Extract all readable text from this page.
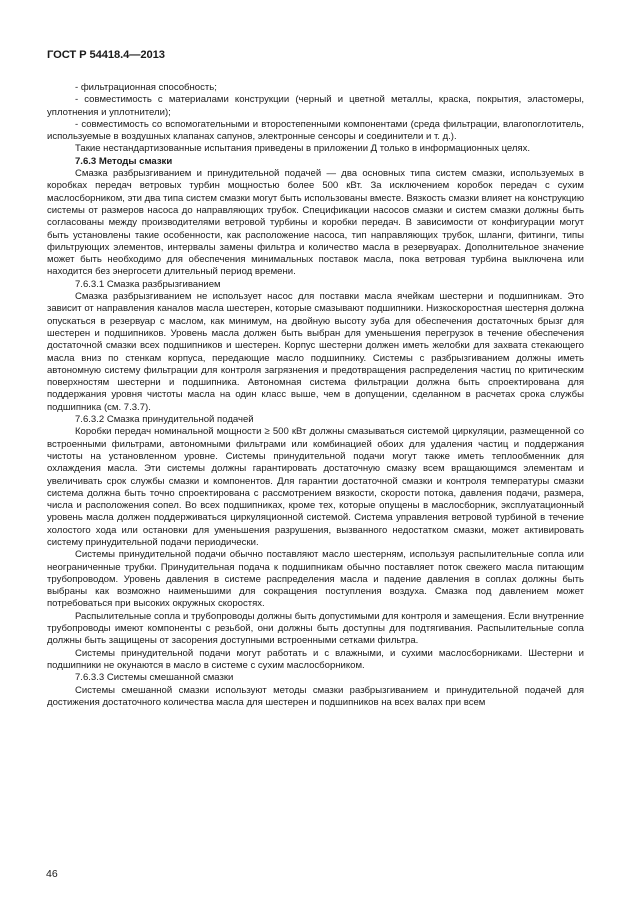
ГОСТ Р 54418.4—2013

- фильтрационная способность;

- совместимость с материалами конструкции (черный и цветной металлы, краска, покрытия, эластомеры, уплотнения и уплотнители);

- совместимость со вспомогательными и второстепенными компонентами (среда фильтрации, влагопоглотитель, используемые в воздушных клапанах сапунов, электронные сенсоры и соединители и т. д.).

Такие нестандартизованные испытания приведены в приложении Д только в информационных целях.

7.6.3 Методы смазки

Смазка разбрызгиванием и принудительной подачей — два основных типа систем смазки, используемых в коробках передач ветровых турбин мощностью более 500 кВт. За исключением коробок передач с сухим маслосборником, эти два типа систем смазки могут быть использованы вместе. Вязкость смазки влияет на конструкцию системы от размеров насоса до направляющих трубок. Спецификации насосов смазки и систем смазки должны быть согласованы между производителями ветровой турбины и коробки передач. В зависимости от конфигурации могут быть установлены такие особенности, как расположение насоса, тип направляющих трубок, шланги, фитинги, типы фильтрующих элементов, интервалы замены фильтра и количество масла в резервуарах. Дополнительное значение может быть необходимо для обеспечения минимальных поставок масла, пока ветровая турбина выключена или находится без энергосети длительный период времени.

7.6.3.1 Смазка разбрызгиванием

Смазка разбрызгиванием не использует насос для поставки масла ячейкам шестерни и подшипникам. Это зависит от направления каналов масла шестерен, которые смазывают подшипники. Низкоскоростная шестерня должна опускаться в резервуар с маслом, как минимум, на двойную высоту зуба для обеспечения достаточных брызг для шестерен и подшипников. Уровень масла должен быть выбран для уменьшения перегрузок в течение обеспечения достаточной смазки всех подшипников и шестерен. Корпус шестерни должен иметь желобки для захвата стекающего масла вниз по стенкам корпуса, передающие масло подшипнику. Системы с разбрызгиванием должны иметь автономную систему фильтрации для контроля загрязнения и предотвращения распределения частиц по критическим поверхностям шестерни и подшипника. Автономная система фильтрации должна быть спроектирована для поддержания уровня чистоты масла на один класс выше, чем в допущении, сделанном в расчетах срока службы подшипника (см. 7.3.7).

7.6.3.2 Смазка принудительной подачей

Коробки передач номинальной мощности ≥ 500 кВт должны смазываться системой циркуляции, размещенной со встроенными фильтрами, автономными фильтрами или комбинацией обоих для удаления частиц и поддержания чистоты на установленном уровне. Системы принудительной подачи могут также иметь теплообменник для охлаждения масла. Эти системы должны гарантировать достаточную смазку всем вращающимся элементам и увеличивать срок службы смазки и компонентов. Для гарантии достаточной смазки и контроля температуры смазки система должна быть точно спроектирована с рассмотрением вязкости, скорости потока, давления подачи, размера, числа и расположения сопел. Во всех подшипниках, кроме тех, которые опущены в маслосборник, эксплуатационный уровень масла должен поддерживаться циркуляционной системой. Система управления ветровой турбиной в течение холостого хода или остановки для уменьшения разрушения, вызванного недостатком смазки, может активировать систему принудительной подачи периодически.

Системы принудительной подачи обычно поставляют масло шестерням, используя распылительные сопла или неограниченные трубки. Принудительная подача к подшипникам обычно поставляет поток свежего масла питающим трубопроводом. Уровень давления в системе распределения масла и падение давления в соплах должны быть выбраны как возможно наименьшими для сокращения поступления воздуха. Смазка под давлением может потребоваться при высоких окружных скоростях.

Распылительные сопла и трубопроводы должны быть допустимыми для контроля и замещения. Если внутренние трубопроводы имеют компоненты с резьбой, они должны быть доступны для подтягивания. Распылительные сопла должны быть защищены от засорения доступными встроенными сетками фильтра.

Системы принудительной подачи могут работать и с влажными, и сухими маслосборниками. Шестерни и подшипники не окунаются в масло в системе с сухим маслосборником.

7.6.3.3 Системы смешанной смазки

Системы смешанной смазки используют методы смазки разбрызгиванием и принудительной подачей для достижения достаточного количества масла для шестерен и подшипников на всех валах при всем

46
